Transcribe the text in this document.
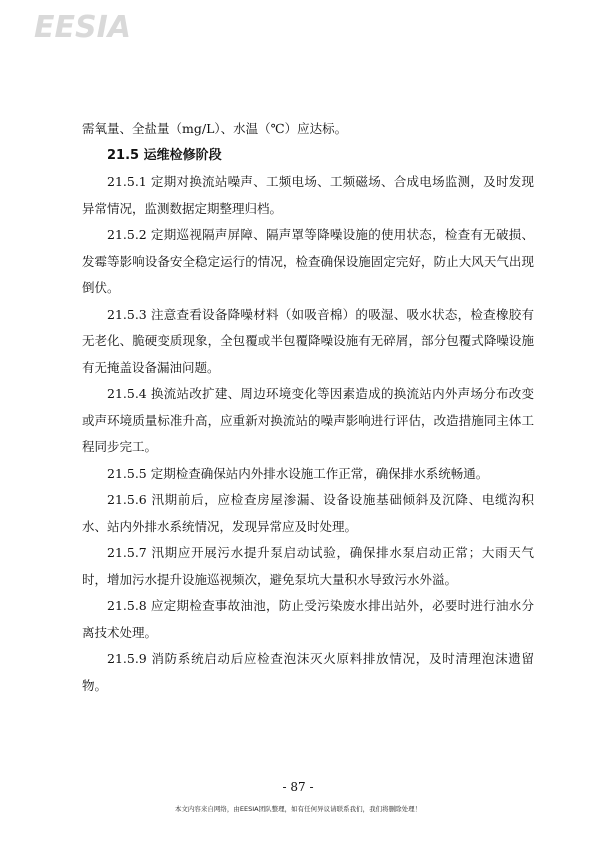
EESIA

需氧量、全盐量（mg/L）、水温（℃）应达标。

21.5 运维检修阶段

21.5.1 定期对换流站噪声、工频电场、工频磁场、合成电场监测，及时发现异常情况，监测数据定期整理归档。

21.5.2 定期巡视隔声屏障、隔声罩等降噪设施的使用状态，检查有无破损、发霉等影响设备安全稳定运行的情况，检查确保设施固定完好，防止大风天气出现倒伏。

21.5.3 注意查看设备降噪材料（如吸音棉）的吸湿、吸水状态，检查橡胶有无老化、脆硬变质现象，全包覆或半包覆降噪设施有无碎屑，部分包覆式降噪设施有无掩盖设备漏油问题。

21.5.4 换流站改扩建、周边环境变化等因素造成的换流站内外声场分布改变或声环境质量标准升高，应重新对换流站的噪声影响进行评估，改造措施同主体工程同步完工。

21.5.5 定期检查确保站内外排水设施工作正常，确保排水系统畅通。

21.5.6 汛期前后，应检查房屋渗漏、设备设施基础倾斜及沉降、电缆沟积水、站内外排水系统情况，发现异常应及时处理。

21.5.7 汛期应开展污水提升泵启动试验，确保排水泵启动正常；大雨天气时，增加污水提升设施巡视频次，避免泵坑大量积水导致污水外溢。

21.5.8 应定期检查事故油池，防止受污染废水排出站外，必要时进行油水分离技术处理。

21.5.9 消防系统启动后应检查泡沫灭火原料排放情况，及时清理泡沫遗留物。

- 87 -
本文内容来自网络，由EESIA团队整理，如有任何异议请联系我们，我们将删除处理！
